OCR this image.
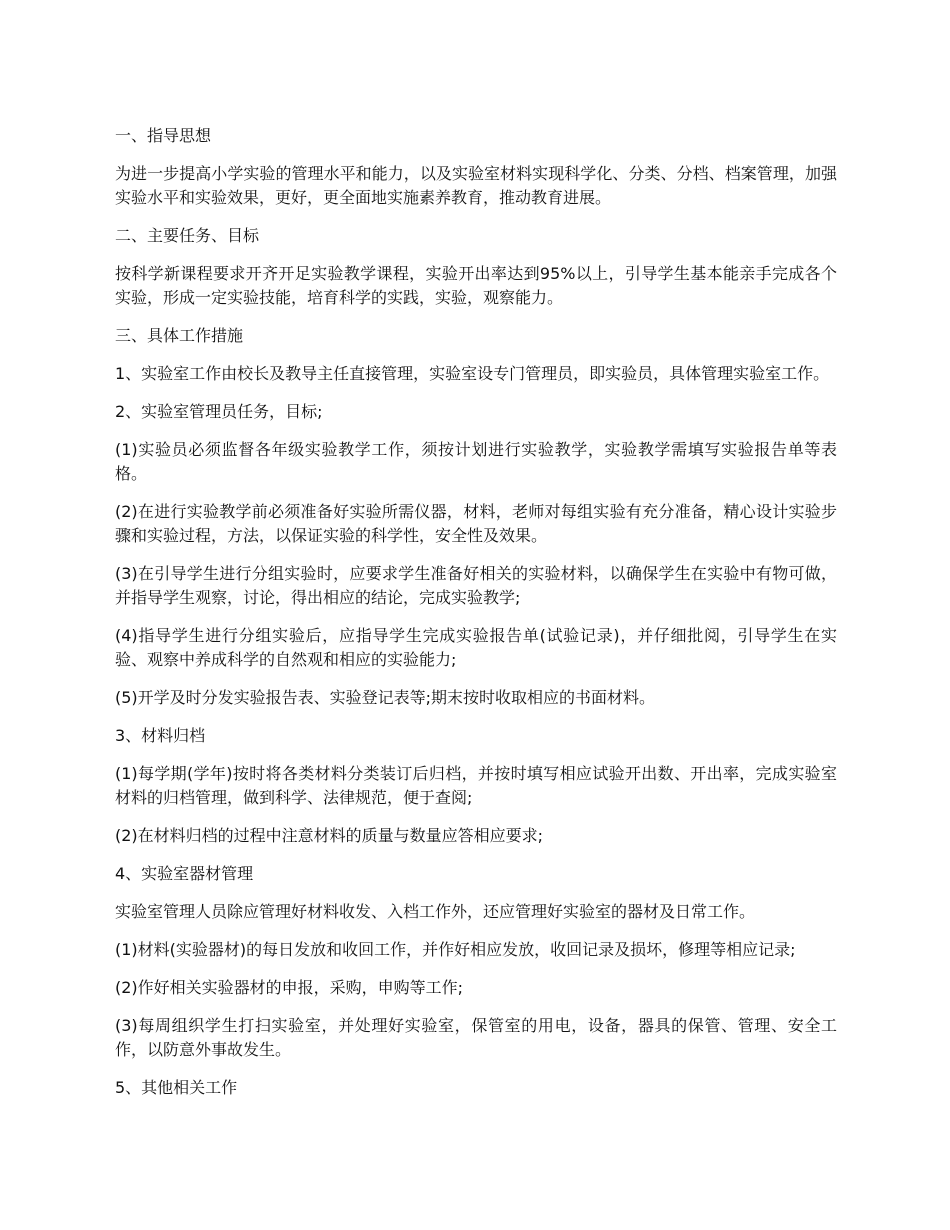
一、指导思想

为进一步提高小学实验的管理水平和能力，以及实验室材料实现科学化、分类、分档、档案管理，加强实验水平和实验效果，更好，更全面地实施素养教育，推动教育进展。

二、主要任务、目标

按科学新课程要求开齐开足实验教学课程，实验开出率达到95%以上，引导学生基本能亲手完成各个实验，形成一定实验技能，培育科学的实践，实验，观察能力。

三、具体工作措施

1、实验室工作由校长及教导主任直接管理，实验室设专门管理员，即实验员，具体管理实验室工作。

2、实验室管理员任务，目标;

(1)实验员必须监督各年级实验教学工作，须按计划进行实验教学，实验教学需填写实验报告单等表格。

(2)在进行实验教学前必须准备好实验所需仪器，材料，老师对每组实验有充分准备，精心设计实验步骤和实验过程，方法，以保证实验的科学性，安全性及效果。

(3)在引导学生进行分组实验时，应要求学生准备好相关的实验材料，以确保学生在实验中有物可做，并指导学生观察，讨论，得出相应的结论，完成实验教学;

(4)指导学生进行分组实验后，应指导学生完成实验报告单(试验记录)，并仔细批阅，引导学生在实验、观察中养成科学的自然观和相应的实验能力;

(5)开学及时分发实验报告表、实验登记表等;期末按时收取相应的书面材料。

3、材料归档

(1)每学期(学年)按时将各类材料分类装订后归档，并按时填写相应试验开出数、开出率，完成实验室材料的归档管理，做到科学、法律规范，便于查阅;

(2)在材料归档的过程中注意材料的质量与数量应答相应要求;

4、实验室器材管理

实验室管理人员除应管理好材料收发、入档工作外，还应管理好实验室的器材及日常工作。

(1)材料(实验器材)的每日发放和收回工作，并作好相应发放，收回记录及损坏，修理等相应记录;

(2)作好相关实验器材的申报，采购，申购等工作;

(3)每周组织学生打扫实验室，并处理好实验室，保管室的用电，设备，器具的保管、管理、安全工作，以防意外事故发生。

5、其他相关工作
